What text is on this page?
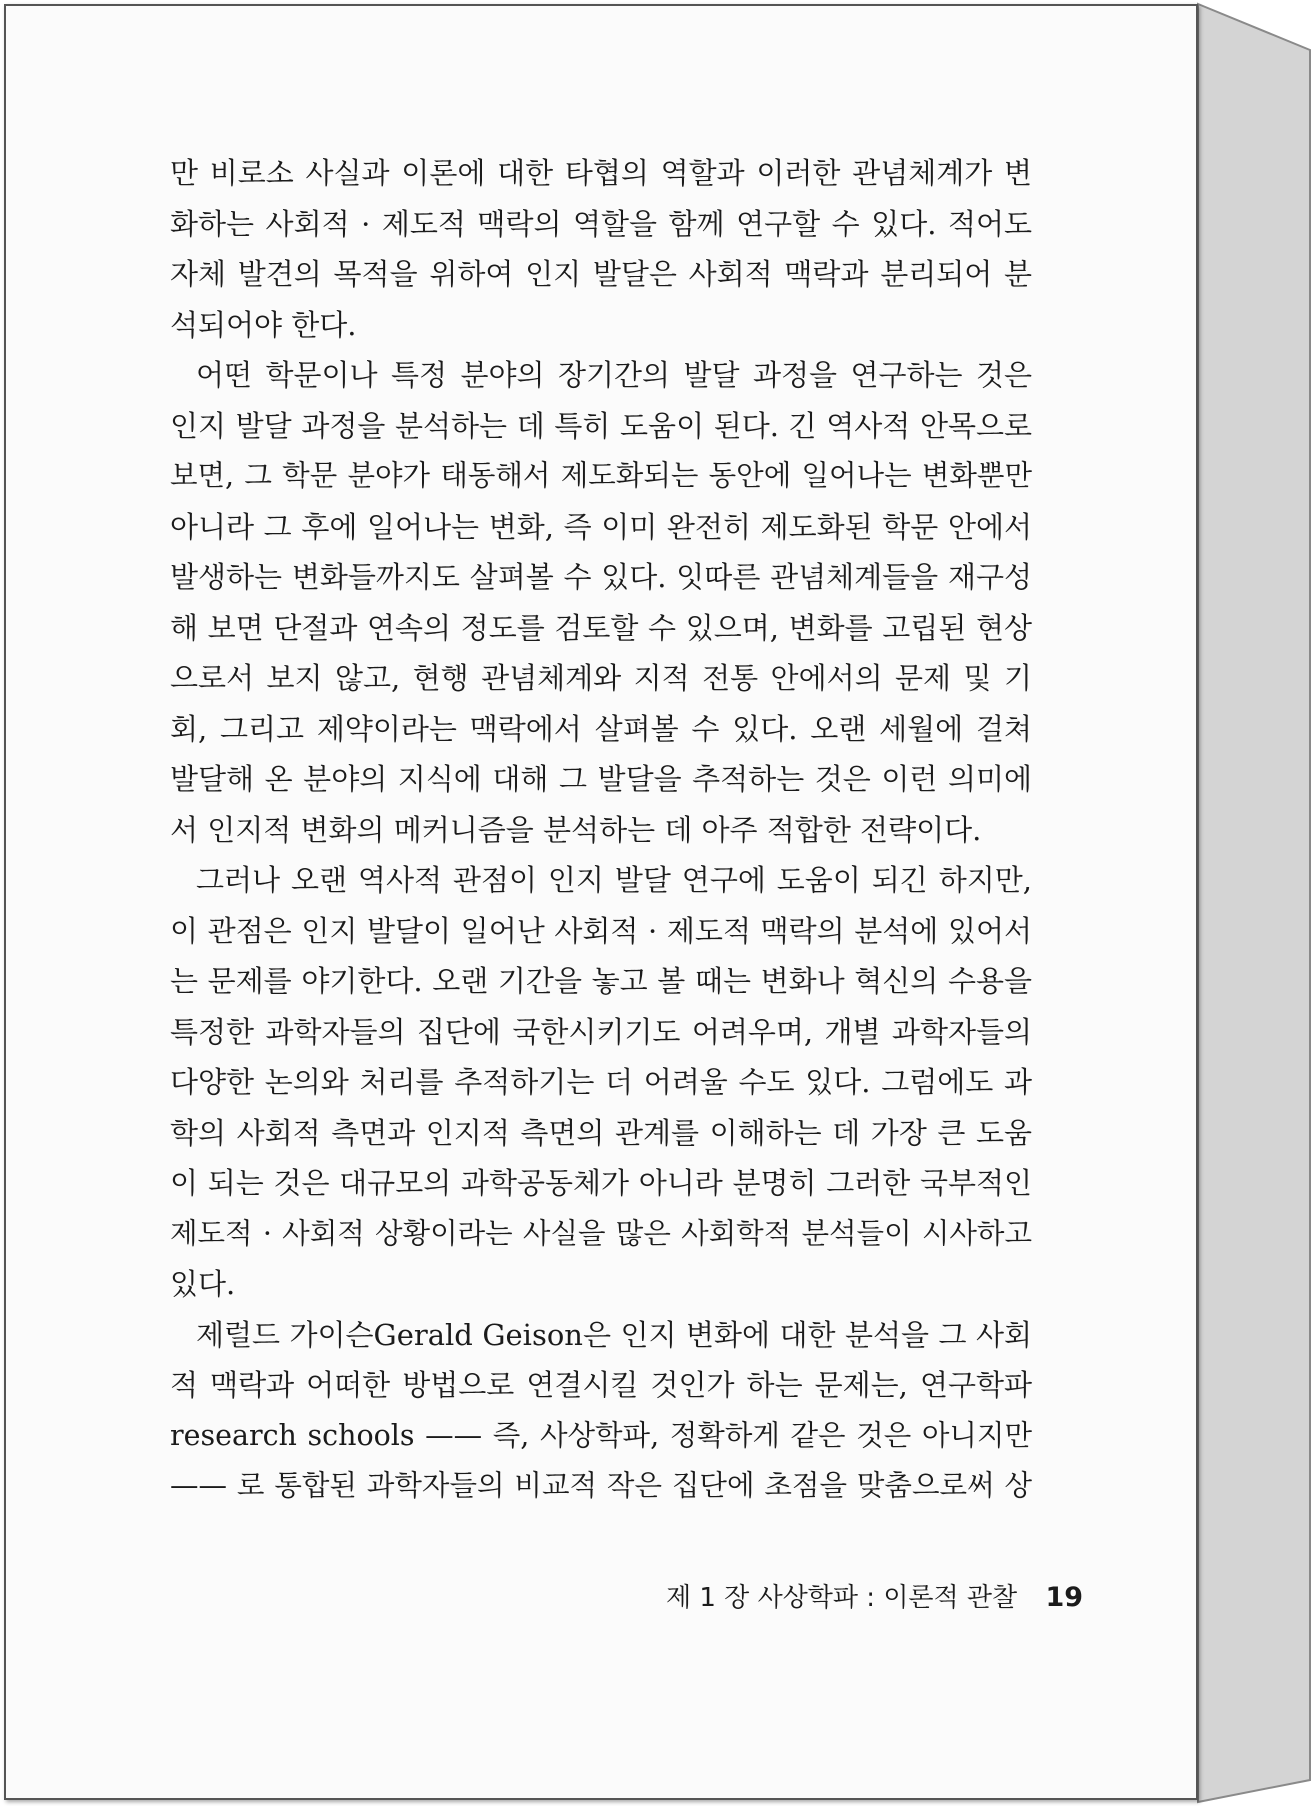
만 비로소 사실과 이론에 대한 타협의 역할과 이러한 관념체계가 변
화하는 사회적 · 제도적 맥락의 역할을 함께 연구할 수 있다. 적어도
자체 발견의 목적을 위하여 인지 발달은 사회적 맥락과 분리되어 분
석되어야 한다.
어떤 학문이나 특정 분야의 장기간의 발달 과정을 연구하는 것은
인지 발달 과정을 분석하는 데 특히 도움이 된다. 긴 역사적 안목으로
보면, 그 학문 분야가 태동해서 제도화되는 동안에 일어나는 변화뿐만
아니라 그 후에 일어나는 변화, 즉 이미 완전히 제도화된 학문 안에서
발생하는 변화들까지도 살펴볼 수 있다. 잇따른 관념체계들을 재구성
해 보면 단절과 연속의 정도를 검토할 수 있으며, 변화를 고립된 현상
으로서 보지 않고, 현행 관념체계와 지적 전통 안에서의 문제 및 기
회, 그리고 제약이라는 맥락에서 살펴볼 수 있다. 오랜 세월에 걸쳐
발달해 온 분야의 지식에 대해 그 발달을 추적하는 것은 이런 의미에
서 인지적 변화의 메커니즘을 분석하는 데 아주 적합한 전략이다.
그러나 오랜 역사적 관점이 인지 발달 연구에 도움이 되긴 하지만,
이 관점은 인지 발달이 일어난 사회적 · 제도적 맥락의 분석에 있어서
는 문제를 야기한다. 오랜 기간을 놓고 볼 때는 변화나 혁신의 수용을
특정한 과학자들의 집단에 국한시키기도 어려우며, 개별 과학자들의
다양한 논의와 처리를 추적하기는 더 어려울 수도 있다. 그럼에도 과
학의 사회적 측면과 인지적 측면의 관계를 이해하는 데 가장 큰 도움
이 되는 것은 대규모의 과학공동체가 아니라 분명히 그러한 국부적인
제도적 · 사회적 상황이라는 사실을 많은 사회학적 분석들이 시사하고
있다.
제럴드 가이슨Gerald Geison은 인지 변화에 대한 분석을 그 사회
적 맥락과 어떠한 방법으로 연결시킬 것인가 하는 문제는, 연구학파
research schools —— 즉, 사상학파, 정확하게 같은 것은 아니지만
—— 로 통합된 과학자들의 비교적 작은 집단에 초점을 맞춤으로써 상
제 1 장 사상학파 : 이론적 관찰 19
